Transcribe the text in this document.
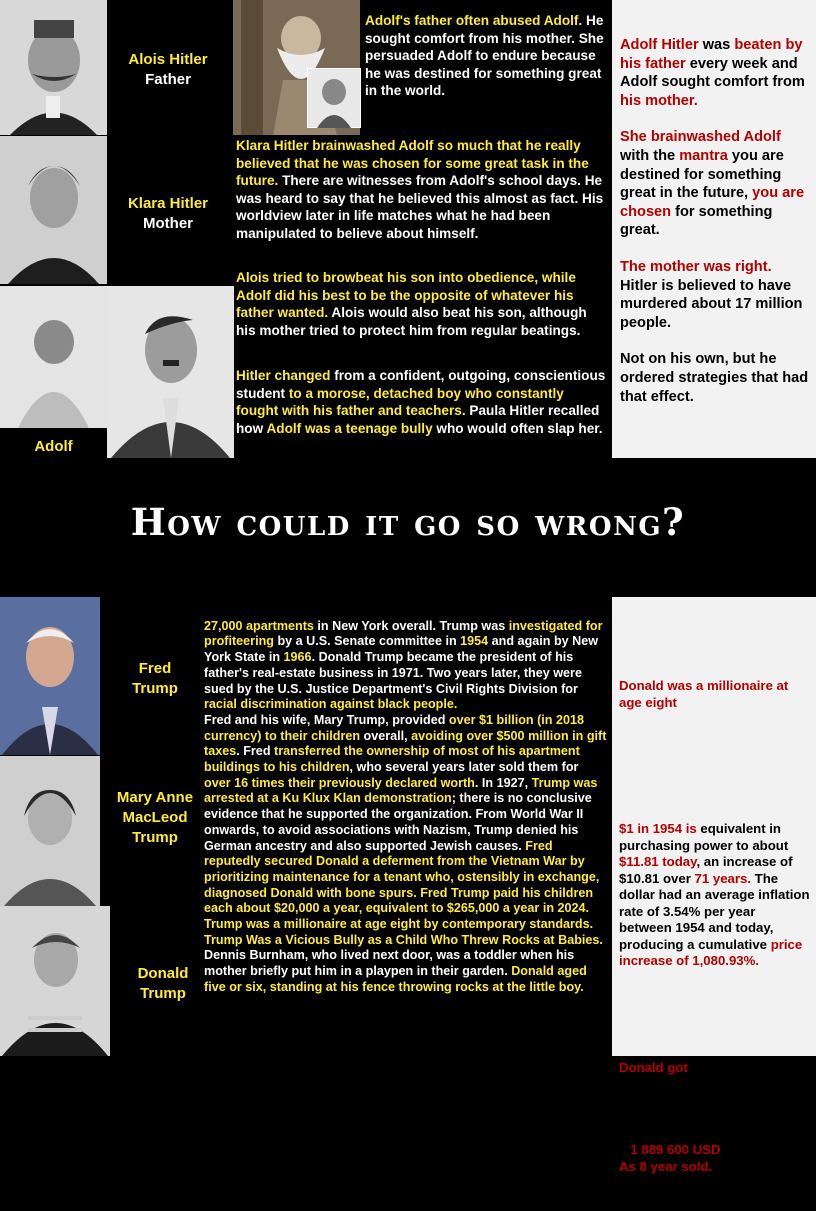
Alois Hitler
Father
Adolf's father often abused Adolf. He sought comfort from his mother. She persuaded Adolf to endure because he was destined for something great in the world.
Klara Hitler
Mother
Klara Hitler brainwashed Adolf so much that he really believed that he was chosen for some great task in the future. There are witnesses from Adolf's school days. He was heard to say that he believed this almost as fact. His worldview later in life matches what he had been manipulated to believe about himself.
Adolf
Alois tried to browbeat his son into obedience, while Adolf did his best to be the opposite of whatever his father wanted. Alois would also beat his son, although his mother tried to protect him from regular beatings.
Hitler changed from a confident, outgoing, conscientious student to a morose, detached boy who constantly fought with his father and teachers. Paula Hitler recalled how Adolf was a teenage bully who would often slap her.

Adolf Hitler was beaten by his father every week and Adolf sought comfort from his mother.

She brainwashed Adolf with the mantra you are destined for something great in the future, you are chosen for something great.

The mother was right. Hitler is believed to have murdered about 17 million people.

Not on his own, but he ordered strategies that had that effect.

How could it go so wrong?
Fred
Trump
Mary Anne
MacLeod
Trump
Donald
Trump

27,000 apartments in New York overall. Trump was investigated for profiteering by a U.S. Senate committee in 1954 and again by New York State in 1966. Donald Trump became the president of his father's real-estate business in 1971. Two years later, they were sued by the U.S. Justice Department's Civil Rights Division for racial discrimination against black people.
Fred and his wife, Mary Trump, provided over $1 billion (in 2018 currency) to their children overall, avoiding over $500 million in gift taxes. Fred transferred the ownership of most of his apartment buildings to his children, who several years later sold them for over 16 times their previously declared worth. In 1927, Trump was arrested at a Ku Klux Klan demonstration; there is no conclusive evidence that he supported the organization. From World War II onwards, to avoid associations with Nazism, Trump denied his German ancestry and also supported Jewish causes. Fred reputedly secured Donald a deferment from the Vietnam War by prioritizing maintenance for a tenant who, ostensibly in exchange, diagnosed Donald with bone spurs. Fred Trump paid his children each about $20,000 a year, equivalent to $265,000 a year in 2024. Trump was a millionaire at age eight by contemporary standards. Trump Was a Vicious Bully as a Child Who Threw Rocks at Babies. Dennis Burnham, who lived next door, was a toddler when his mother briefly put him in a playpen in their garden. Donald aged five or six, standing at his fence throwing rocks at the little boy.

Donald was a millionaire at age eight

$1 in 1954 is equivalent in purchasing power to about $11.81 today, an increase of $10.81 over 71 years. The dollar had an average inflation rate of 3.54% per year between 1954 and today, producing a cumulative price increase of 1,080.93%.

Donald got 20 000 USD Each year (when 8 y old) : 160 000 USD in his Account.
Value to day:
160 000 x 11,81 =
= 1 889 600 USD
As 8 year sold.
